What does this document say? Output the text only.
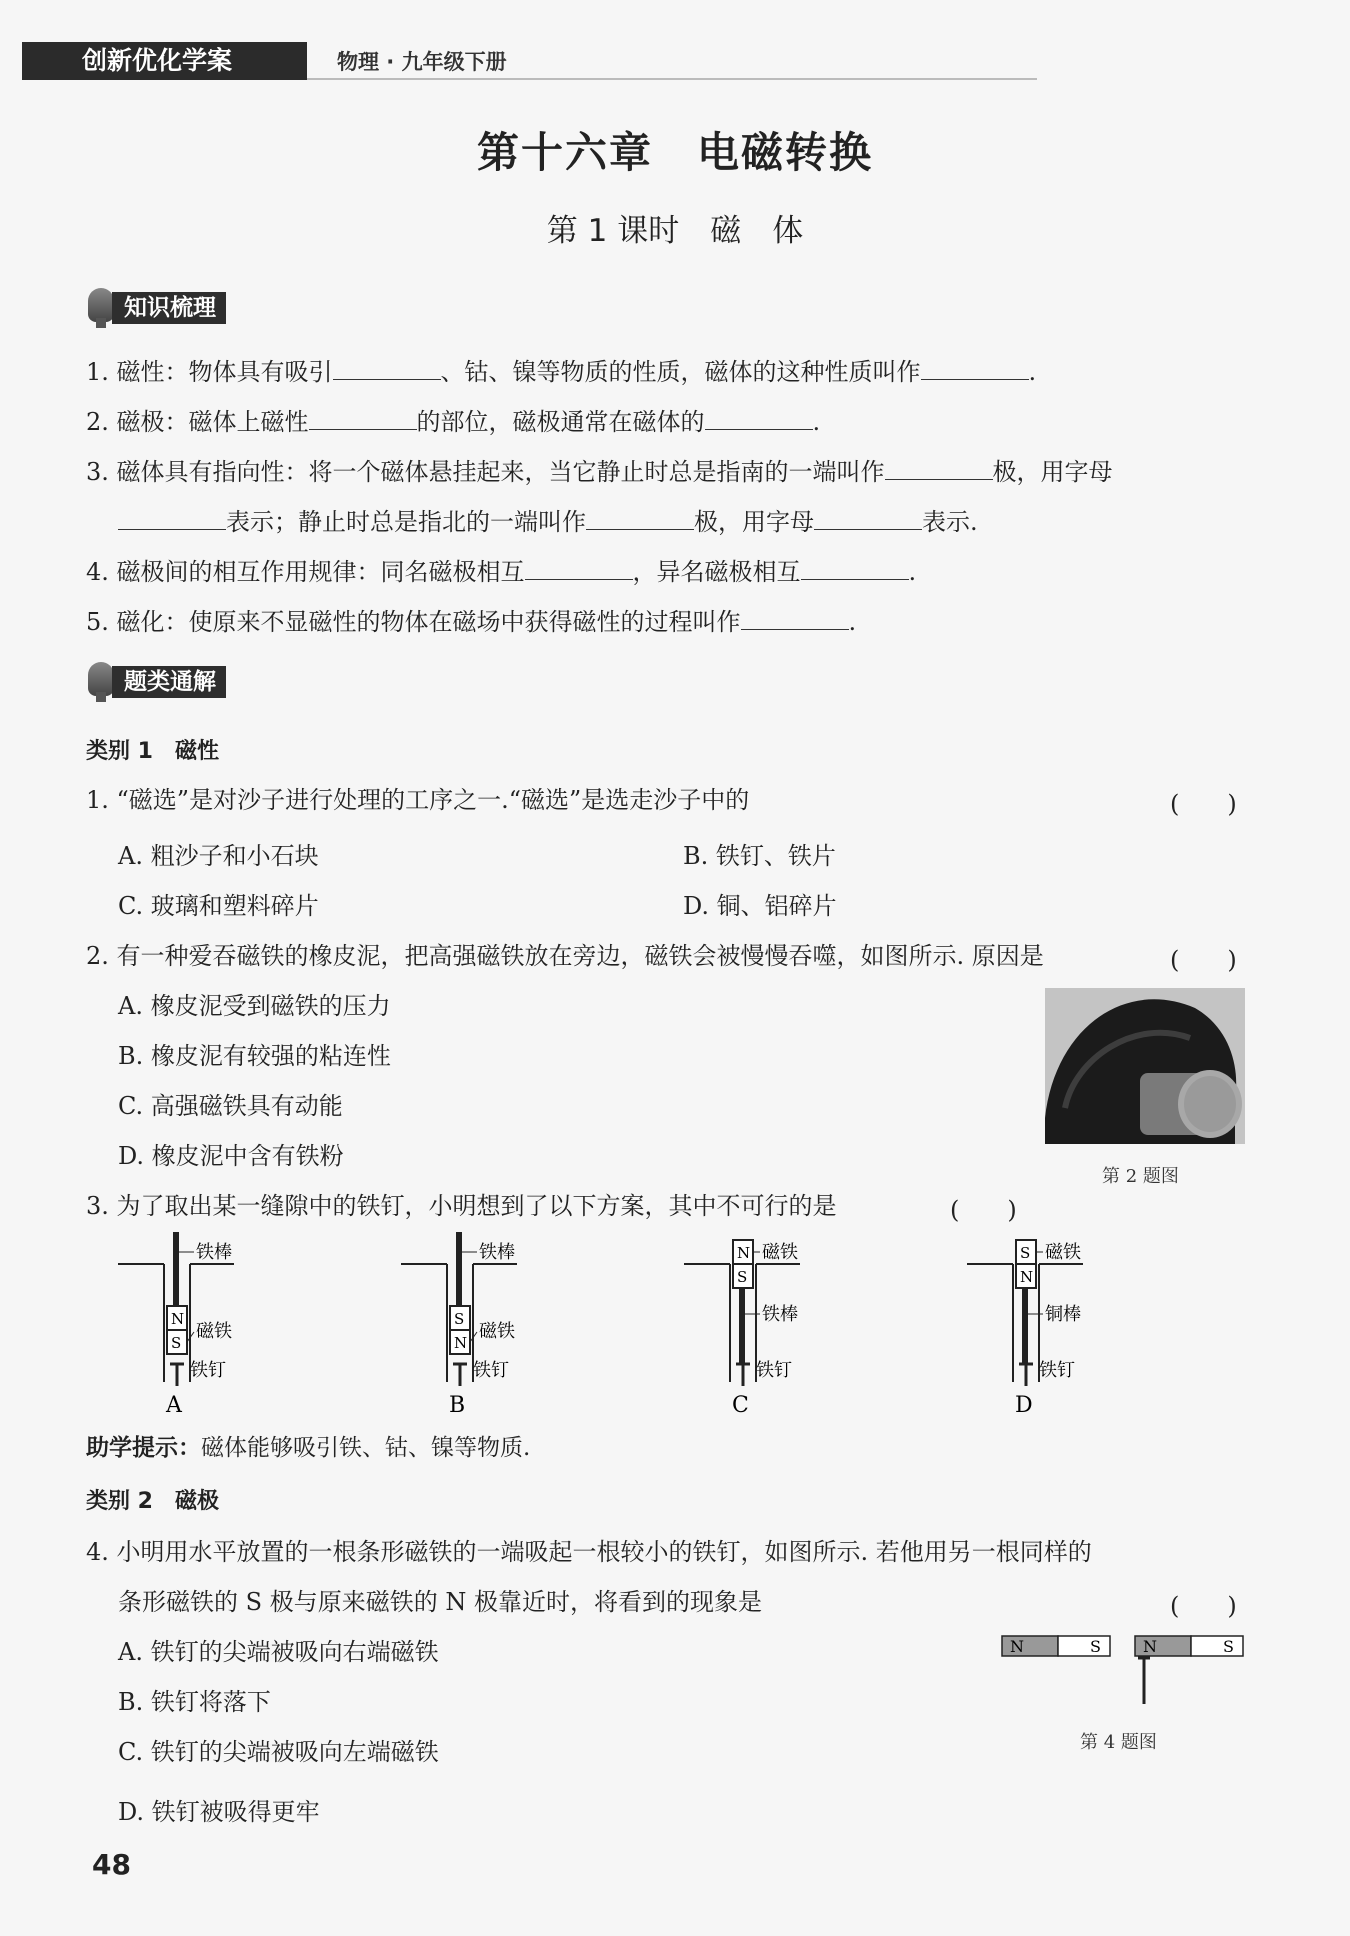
创新优化学案	物理 · 九年级下册
第十六章　电磁转换
第 1 课时　磁　体
知识梳理
1. 磁性：物体具有吸引	、钴、镍等物质的性质，磁体的这种性质叫作	.
2. 磁极：磁体上磁性	的部位，磁极通常在磁体的	.
3. 磁体具有指向性：将一个磁体悬挂起来，当它静止时总是指南的一端叫作	极，用字母
表示；静止时总是指北的一端叫作	极，用字母	表示.
4. 磁极间的相互作用规律：同名磁极相互	，异名磁极相互	.
5. 磁化：使原来不显磁性的物体在磁场中获得磁性的过程叫作	.
题类通解
类别 1　磁性
1. “磁选”是对沙子进行处理的工序之一.“磁选”是选走沙子中的	(　　)
A. 粗沙子和小石块	B. 铁钉、铁片
C. 玻璃和塑料碎片	D. 铜、铝碎片
2. 有一种爱吞磁铁的橡皮泥，把高强磁铁放在旁边，磁铁会被慢慢吞噬，如图所示. 原因是	(　　)
A. 橡皮泥受到磁铁的压力
B. 橡皮泥有较强的粘连性
C. 高强磁铁具有动能
D. 橡皮泥中含有铁粉
第 2 题图
3. 为了取出某一缝隙中的铁钉，小明想到了以下方案，其中不可行的是	(　　)
N
S
铁棒
磁铁
铁钉
A
S
N
铁棒
磁铁
铁钉
B
N
S
磁铁
铁棒
铁钉
C
S
N
磁铁
铜棒
铁钉
D
助学提示：磁体能够吸引铁、钴、镍等物质.
类别 2　磁极
4. 小明用水平放置的一根条形磁铁的一端吸起一根较小的铁钉，如图所示. 若他用另一根同样的
条形磁铁的 S 极与原来磁铁的 N 极靠近时，将看到的现象是	(　　)
A. 铁钉的尖端被吸向右端磁铁
B. 铁钉将落下
C. 铁钉的尖端被吸向左端磁铁
D. 铁钉被吸得更牢
N	S	N	S
第 4 题图
48
